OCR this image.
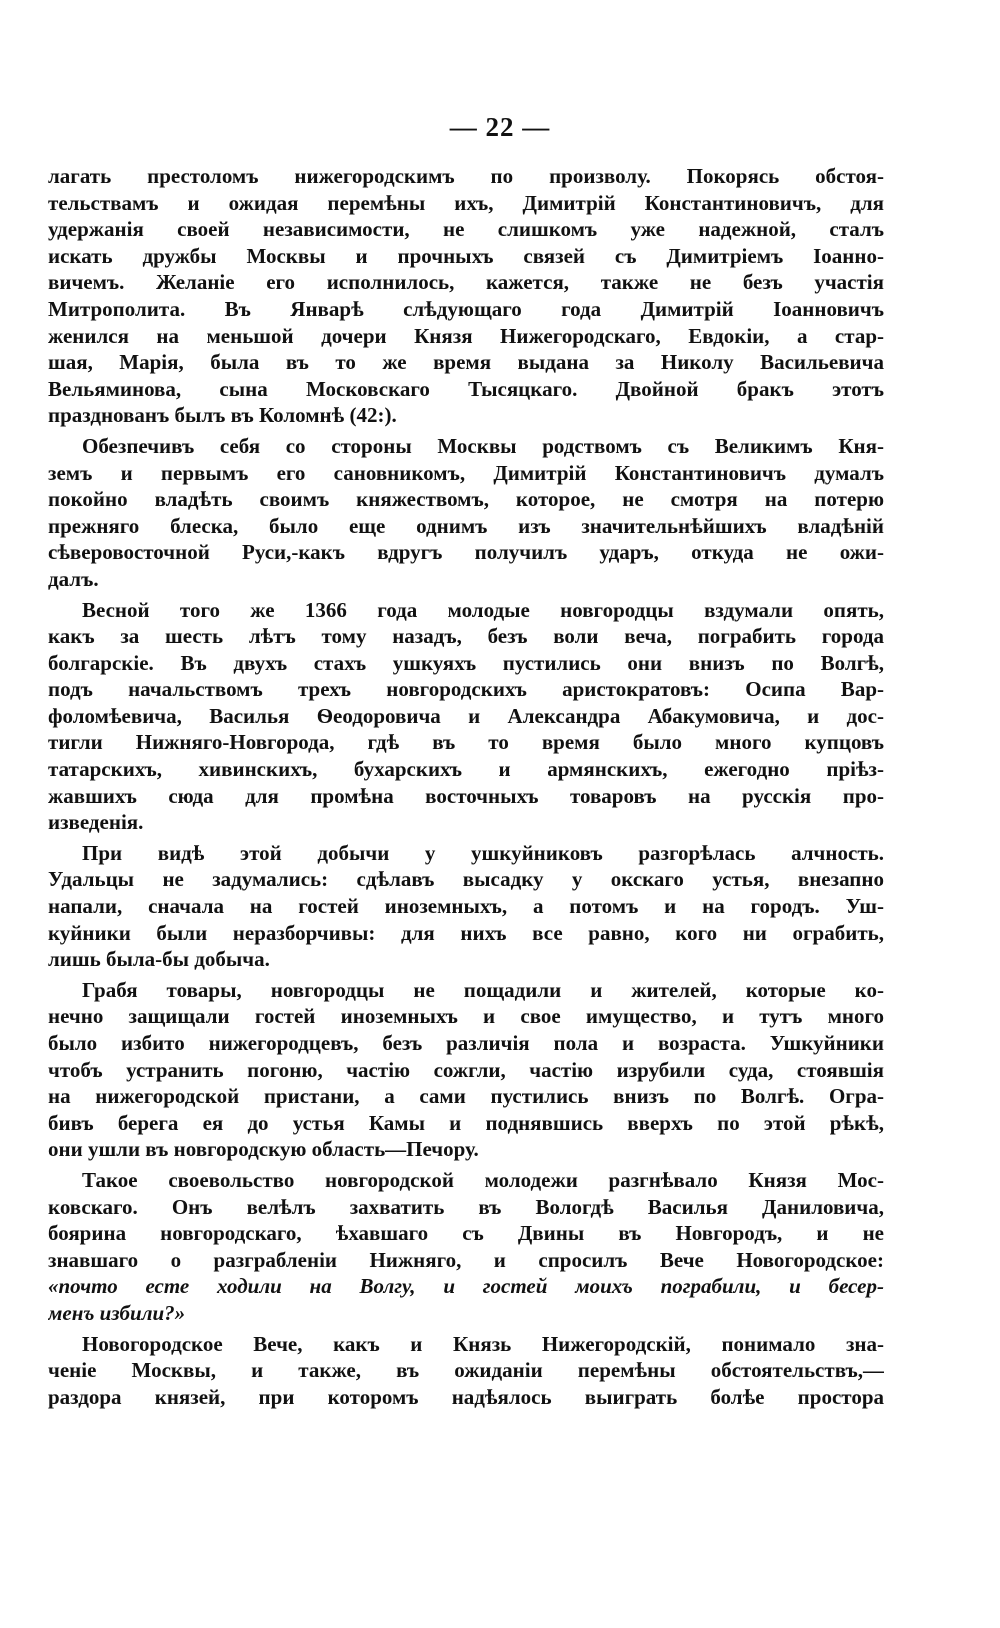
— 22 —
лагать престоломъ нижегородскимъ по произволу. Покорясь обстоя-
тельствамъ и ожидая перемѣны ихъ, Димитрій Константиновичъ, для
удержанія своей независимости, не слишкомъ уже надежной, сталъ
искать дружбы Москвы и прочныхъ связей съ Димитріемъ Іоанно-
вичемъ. Желаніе его исполнилось, кажется, также не безъ участія
Митрополита. Въ Январѣ слѣдующаго года Димитрій Іоанновичъ
женился на меньшой дочери Князя Нижегородскаго, Евдокіи, а стар-
шая, Марія, была въ то же время выдана за Николу Васильевича
Вельяминова, сына Московскаго Тысяцкаго. Двойной бракъ этотъ
празднованъ былъ въ Коломнѣ (42:).
Обезпечивъ себя со стороны Москвы родствомъ съ Великимъ Кня-
земъ и первымъ его сановникомъ, Димитрій Константиновичъ думалъ
покойно владѣть своимъ княжествомъ, которое, не смотря на потерю
прежняго блеска, было еще однимъ изъ значительнѣйшихъ владѣній
сѣверовосточной Руси,-какъ вдругъ получилъ ударъ, откуда не ожи-
далъ.
Весной того же 1366 года молодые новгородцы вздумали опять,
какъ за шесть лѣтъ тому назадъ, безъ воли веча, пограбить города
болгарскіе. Въ двухъ стахъ ушкуяхъ пустились они внизъ по Волгѣ,
подъ начальствомъ трехъ новгородскихъ аристократовъ: Осипа Вар-
фоломѣевича, Василья Ѳеодоровича и Александра Абакумовича, и дос-
тигли Нижняго-Новгорода, гдѣ въ то время было много купцовъ
татарскихъ, хивинскихъ, бухарскихъ и армянскихъ, ежегодно пріѣз-
жавшихъ сюда для промѣна восточныхъ товаровъ на русскія про-
изведенія.
При видѣ этой добычи у ушкуйниковъ разгорѣлась алчность.
Удальцы не задумались: сдѣлавъ высадку у окскаго устья, внезапно
напали, сначала на гостей иноземныхъ, а потомъ и на городъ. Уш-
куйники были неразборчивы: для нихъ все равно, кого ни ограбить,
лишь была-бы добыча.
Грабя товары, новгородцы не пощадили и жителей, которые ко-
нечно защищали гостей иноземныхъ и свое имущество, и тутъ много
было избито нижегородцевъ, безъ различія пола и возраста. Ушкуйники
чтобъ устранить погоню, частію сожгли, частію изрубили суда, стоявшія
на нижегородской пристани, а сами пустились внизъ по Волгѣ. Огра-
бивъ берега ея до устья Камы и поднявшись вверхъ по этой рѣкѣ,
они ушли въ новгородскую область—Печору.
Такое своевольство новгородской молодежи разгнѣвало Князя Мос-
ковскаго. Онъ велѣлъ захватить въ Вологдѣ Василья Даниловича,
боярина новгородскаго, ѣхавшаго съ Двины въ Новгородъ, и не
знавшаго о разграбленіи Нижняго, и спросилъ Вече Новогородское:
«почто есте ходили на Волгу, и гостей моихъ пограбили, и бесер-
менъ избили?»
Новогородское Вече, какъ и Князь Нижегородскій, понимало зна-
ченіе Москвы, и также, въ ожиданіи перемѣны обстоятельствъ,—
раздора князей, при которомъ надѣялось выиграть болѣе простора
